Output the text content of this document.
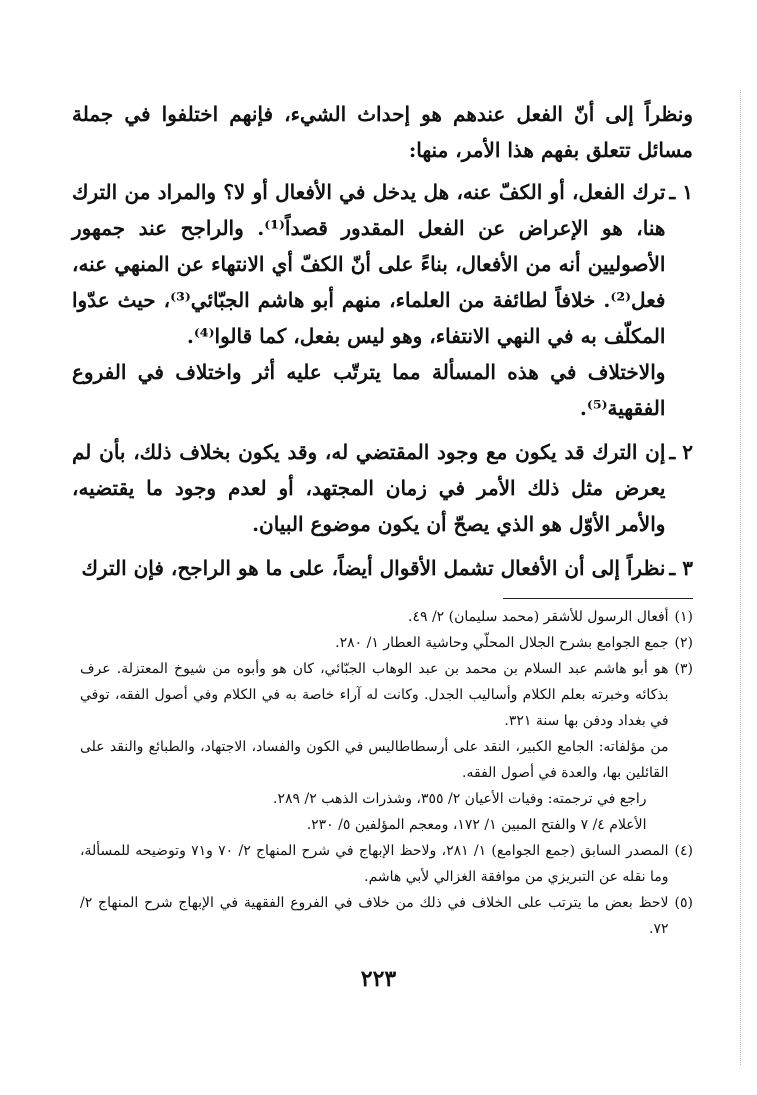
ونظراً إلى أنّ الفعل عندهم هو إحداث الشيء، فإنهم اختلفوا في جملة مسائل تتعلق بفهم هذا الأمر، منها:

١ ـ

ترك الفعل، أو الكفّ عنه، هل يدخل في الأفعال أو لا؟ والمراد من الترك هنا، هو الإعراض عن الفعل المقدور قصداً⁽¹⁾. والراجح عند جمهور الأصوليين أنه من الأفعال، بناءً على أنّ الكفّ أي الانتهاء عن المنهي عنه، فعل⁽²⁾. خلافاً لطائفة من العلماء، منهم أبو هاشم الجبّائي⁽³⁾، حيث عدّوا المكلّف به في النهي الانتفاء، وهو ليس بفعل، كما قالوا⁽⁴⁾.

والاختلاف في هذه المسألة مما يترتّب عليه أثر واختلاف في الفروع الفقهية⁽⁵⁾.

٢ ـ

إن الترك قد يكون مع وجود المقتضي له، وقد يكون بخلاف ذلك، بأن لم يعرض مثل ذلك الأمر في زمان المجتهد، أو لعدم وجود ما يقتضيه، والأمر الأوّل هو الذي يصحّ أن يكون موضوع البيان.

٣ ـ

نظراً إلى أن الأفعال تشمل الأقوال أيضاً، على ما هو الراجح، فإن الترك

(١)

أفعال الرسول للأشقر (محمد سليمان) ٢/ ٤٩.

(٢)

جمع الجوامع بشرح الجلال المحلّي وحاشية العطار ١/ ٢٨٠.

(٣)

هو أبو هاشم عبد السلام بن محمد بن عبد الوهاب الجبّائي، كان هو وأبوه من شيوخ المعتزلة. عرف بذكائه وخبرته بعلم الكلام وأساليب الجدل. وكانت له آراء خاصة به في الكلام وفي أصول الفقه، توفي في بغداد ودفن بها سنة ٣٢١.

من مؤلفاته: الجامع الكبير، النقد على أرسطاطاليس في الكون والفساد، الاجتهاد، والطبائع والنقد على القائلين بها، والعدة في أصول الفقه.

راجع في ترجمته: وفيات الأعيان ٢/ ٣٥٥، وشذرات الذهب ٢/ ٢٨٩.

الأعلام ٤/ ٧ والفتح المبين ١/ ١٧٢، ومعجم المؤلفين ٥/ ٢٣٠.

(٤)

المصدر السابق (جمع الجوامع) ١/ ٢٨١، ولاحظ الإبهاج في شرح المنهاج ٢/ ٧٠ و٧١ وتوضيحه للمسألة، وما نقله عن التبريزي من موافقة الغزالي لأبي هاشم.

(٥)

لاحظ بعض ما يترتب على الخلاف في ذلك من خلاف في الفروع الفقهية في الإبهاج شرح المنهاج ٢/ ٧٢.

٢٢٣
